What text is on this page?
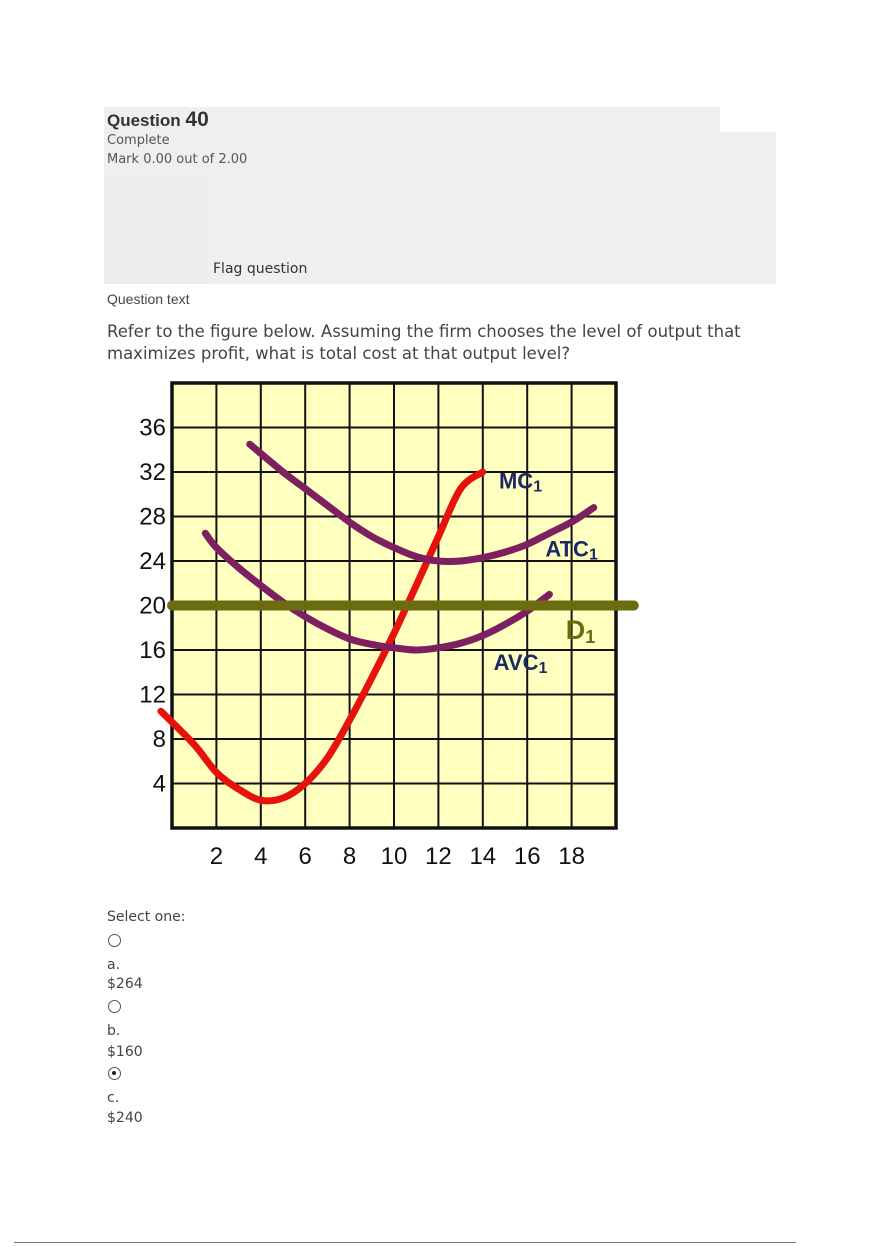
Question 40
Complete
Mark 0.00 out of 2.00
Flag question
Question text
Refer to the figure below. Assuming the firm chooses the level of output that maximizes profit, what is total cost at that output level?
36
32
28
24
20
16
12
8
4
2 4 6 8 10 12 14 16 18
MC1
ATC1
AVC1
D1
Select one:
a.
$264
b.
$160
c.
$240
